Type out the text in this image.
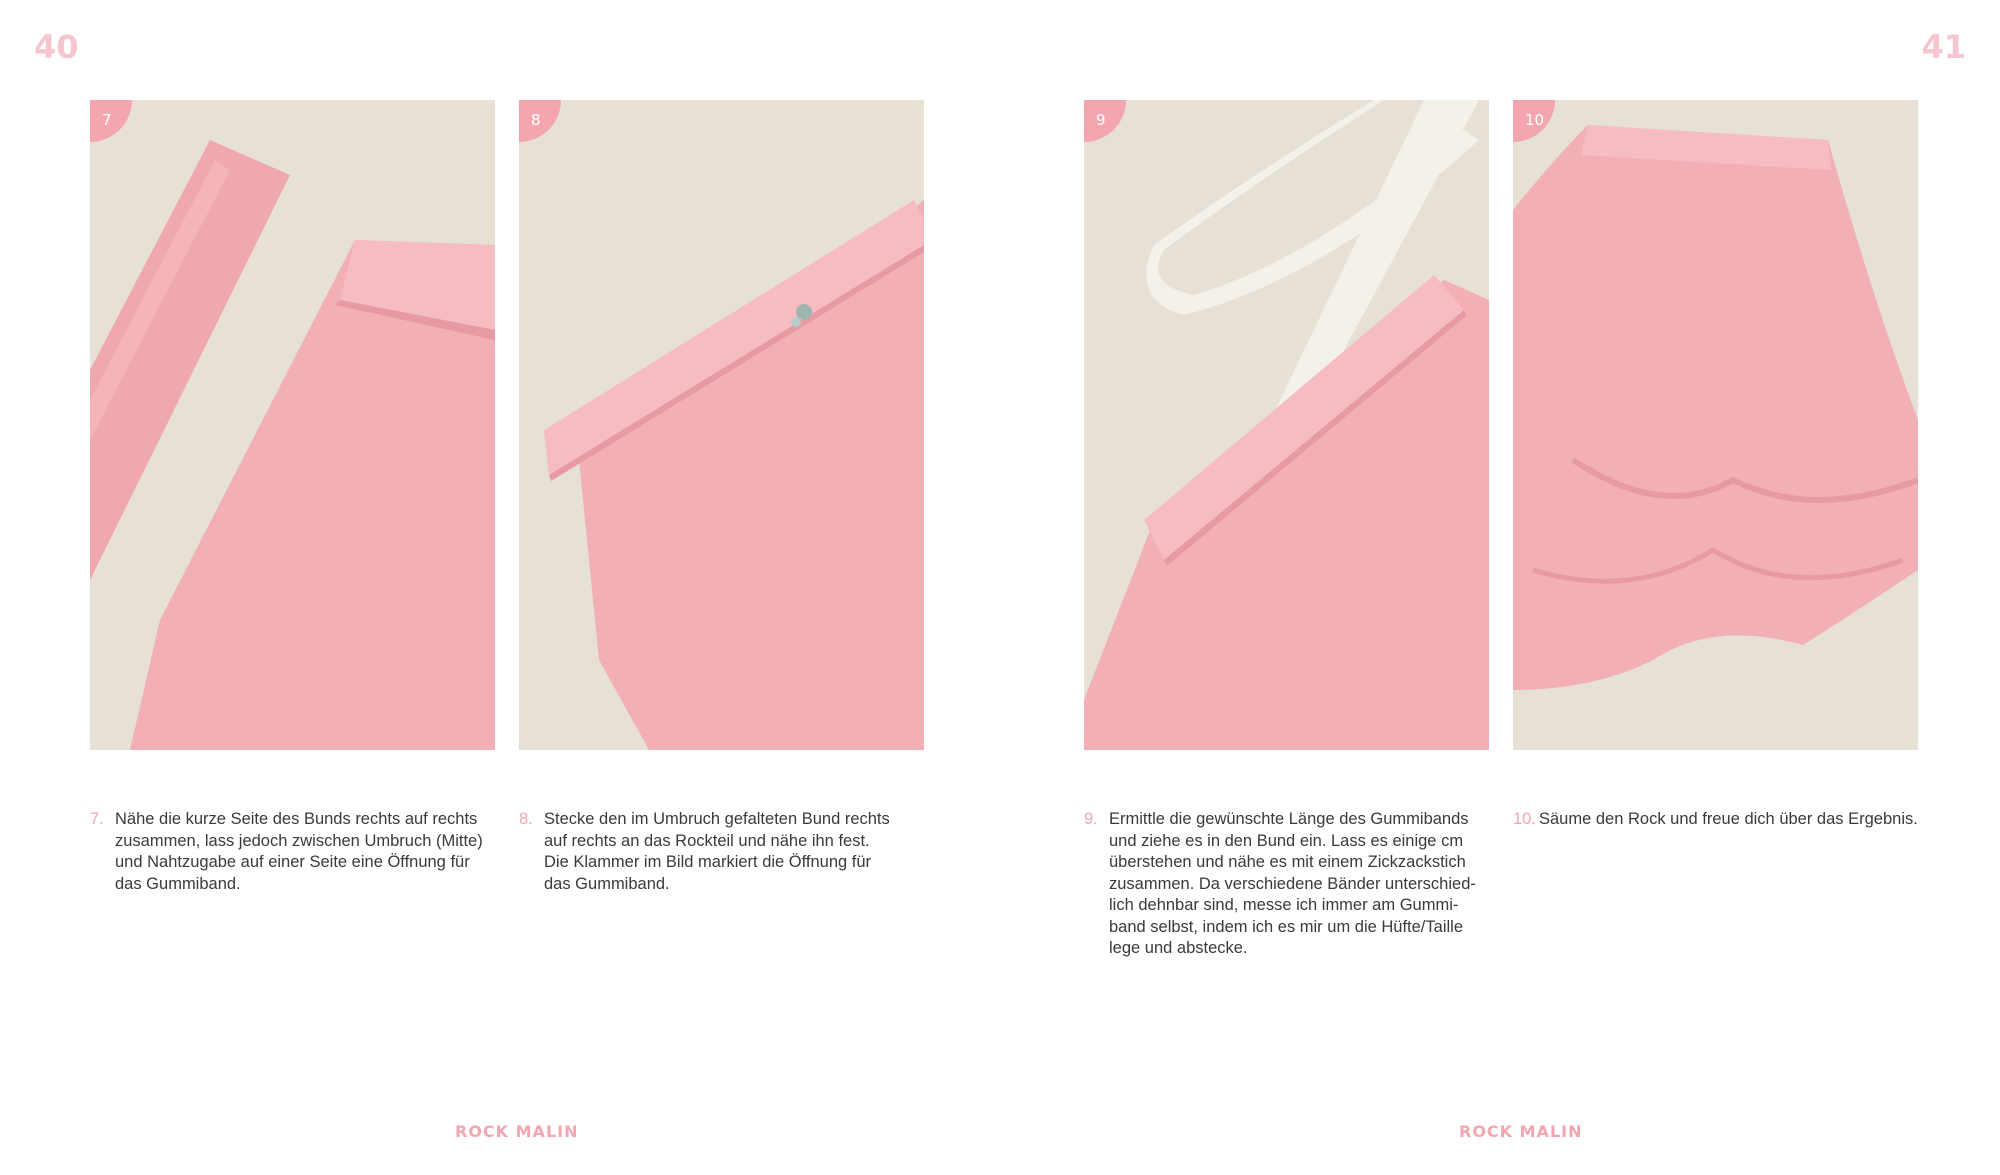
40	41
7	8	9	10
7. Nähe die kurze Seite des Bunds rechts auf rechts
zusammen, lass jedoch zwischen Umbruch (Mitte)
und Nahtzugabe auf einer Seite eine Öffnung für
das Gummiband.
8. Stecke den im Umbruch gefalteten Bund rechts
auf rechts an das Rockteil und nähe ihn fest.
Die Klammer im Bild markiert die Öffnung für
das Gummiband.
9. Ermittle die gewünschte Länge des Gummibands
und ziehe es in den Bund ein. Lass es einige cm
überstehen und nähe es mit einem Zickzackstich
zusammen. Da verschiedene Bänder unterschied-
lich dehnbar sind, messe ich immer am Gummi-
band selbst, indem ich es mir um die Hüfte/Taille
lege und abstecke.
10. Säume den Rock und freue dich über das Ergebnis.
ROCK MALIN	ROCK MALIN
